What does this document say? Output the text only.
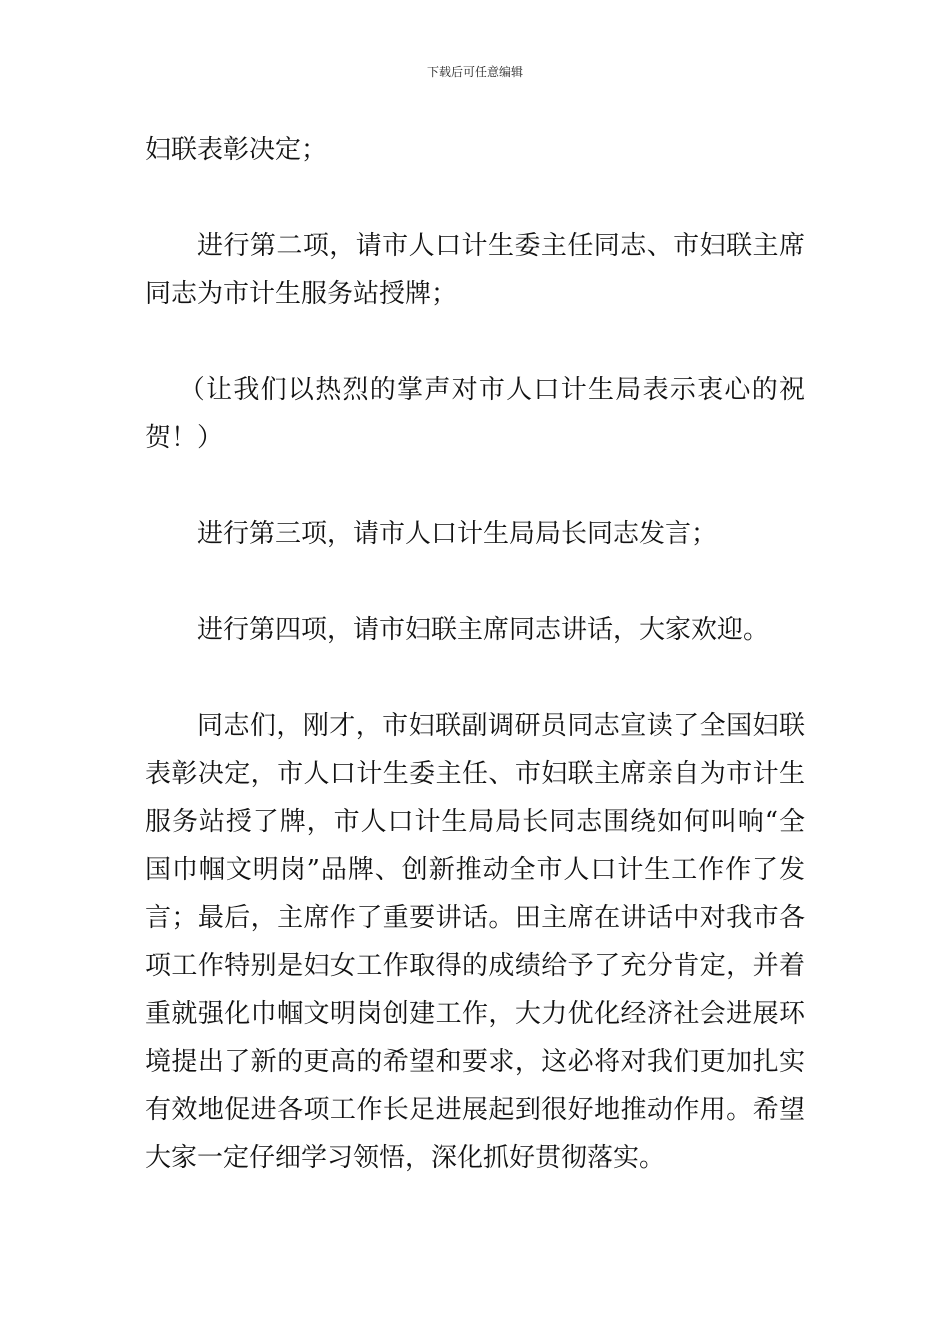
下载后可任意编辑

妇联表彰决定；

进行第二项，请市人口计生委主任同志、市妇联主席同志为市计生服务站授牌；

（让我们以热烈的掌声对市人口计生局表示衷心的祝贺！）

进行第三项，请市人口计生局局长同志发言；

进行第四项，请市妇联主席同志讲话，大家欢迎。

同志们，刚才，市妇联副调研员同志宣读了全国妇联表彰决定，市人口计生委主任、市妇联主席亲自为市计生服务站授了牌，市人口计生局局长同志围绕如何叫响“全国巾帼文明岗”品牌、创新推动全市人口计生工作作了发言；最后，主席作了重要讲话。田主席在讲话中对我市各项工作特别是妇女工作取得的成绩给予了充分肯定，并着重就强化巾帼文明岗创建工作，大力优化经济社会进展环境提出了新的更高的希望和要求，这必将对我们更加扎实有效地促进各项工作长足进展起到很好地推动作用。希望大家一定仔细学习领悟，深化抓好贯彻落实。
